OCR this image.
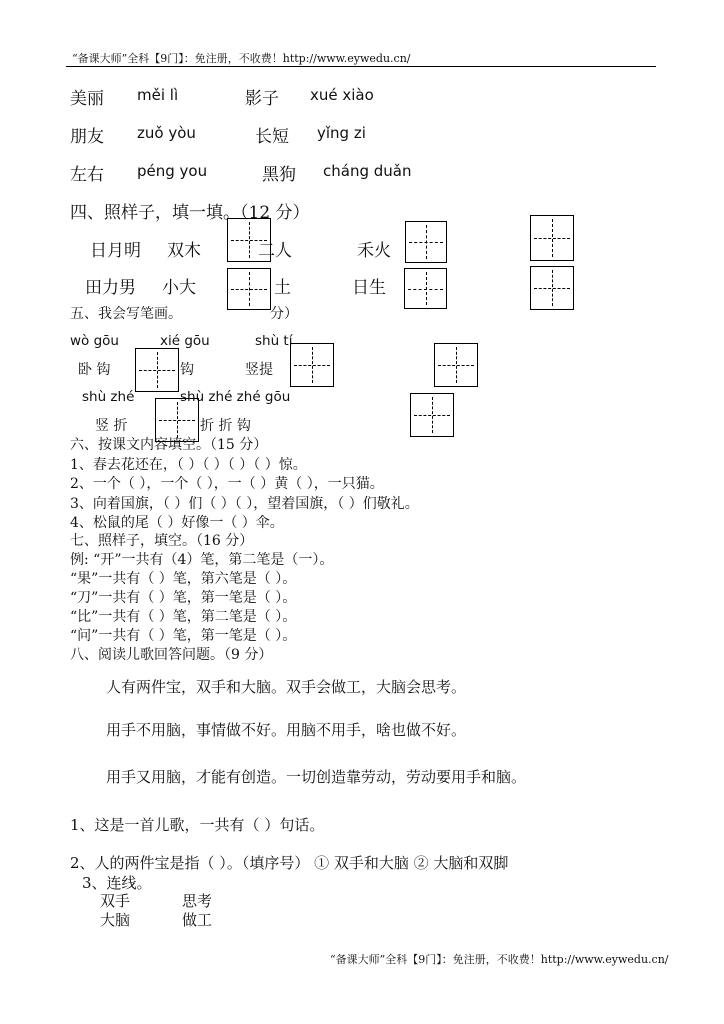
“备课大师”全科【9门】：免注册，不收费！http://www.eywedu.cn/
美丽 měi lì	影子 xué xiào
朋友 zuǒ yòu	长短 yǐng zi
左右 péng you	黑狗 cháng duǎn
四、照样子，填一填。（12 分）
日月明 双木	二人	禾火
田力男 小大	土	日生
五、我会写笔画。	分）
wò gōu	xié gōu	shù tí
卧 钩	钩	竖提
shù zhé	shù zhé zhé gōu
竖 折	折 折 钩
六、按课文内容填空。（15 分）
1、春去花还在，（ ）（ ）（ ）（ ）惊。
2、一个（ ），一个（ ），一（ ）黄（ ），一只猫。
3、向着国旗，（ ）们（ ）（ ），望着国旗，（ ）们敬礼。
4、松鼠的尾（ ）好像一（ ）伞。
七、照样子，填空。（16 分）
例: “开”一共有（4）笔，第二笔是（一）。
“果”一共有（ ）笔，第六笔是（ ）。
“刀”一共有（ ）笔，第一笔是（ ）。
“比”一共有（ ）笔，第二笔是（ ）。
“问”一共有（ ）笔，第一笔是（ ）。
八、阅读儿歌回答问题。（9 分）
人有两件宝，双手和大脑。双手会做工，大脑会思考。
用手不用脑，事情做不好。用脑不用手，啥也做不好。
用手又用脑，才能有创造。一切创造靠劳动，劳动要用手和脑。
1、这是一首儿歌，一共有（ ）句话。
2、人的两件宝是指（ ）。（填序号） ① 双手和大脑 ② 大脑和双脚
3、连线。
双手	思考
大脑	做工
“备课大师”全科【9门】：免注册，不收费！http://www.eywedu.cn/
